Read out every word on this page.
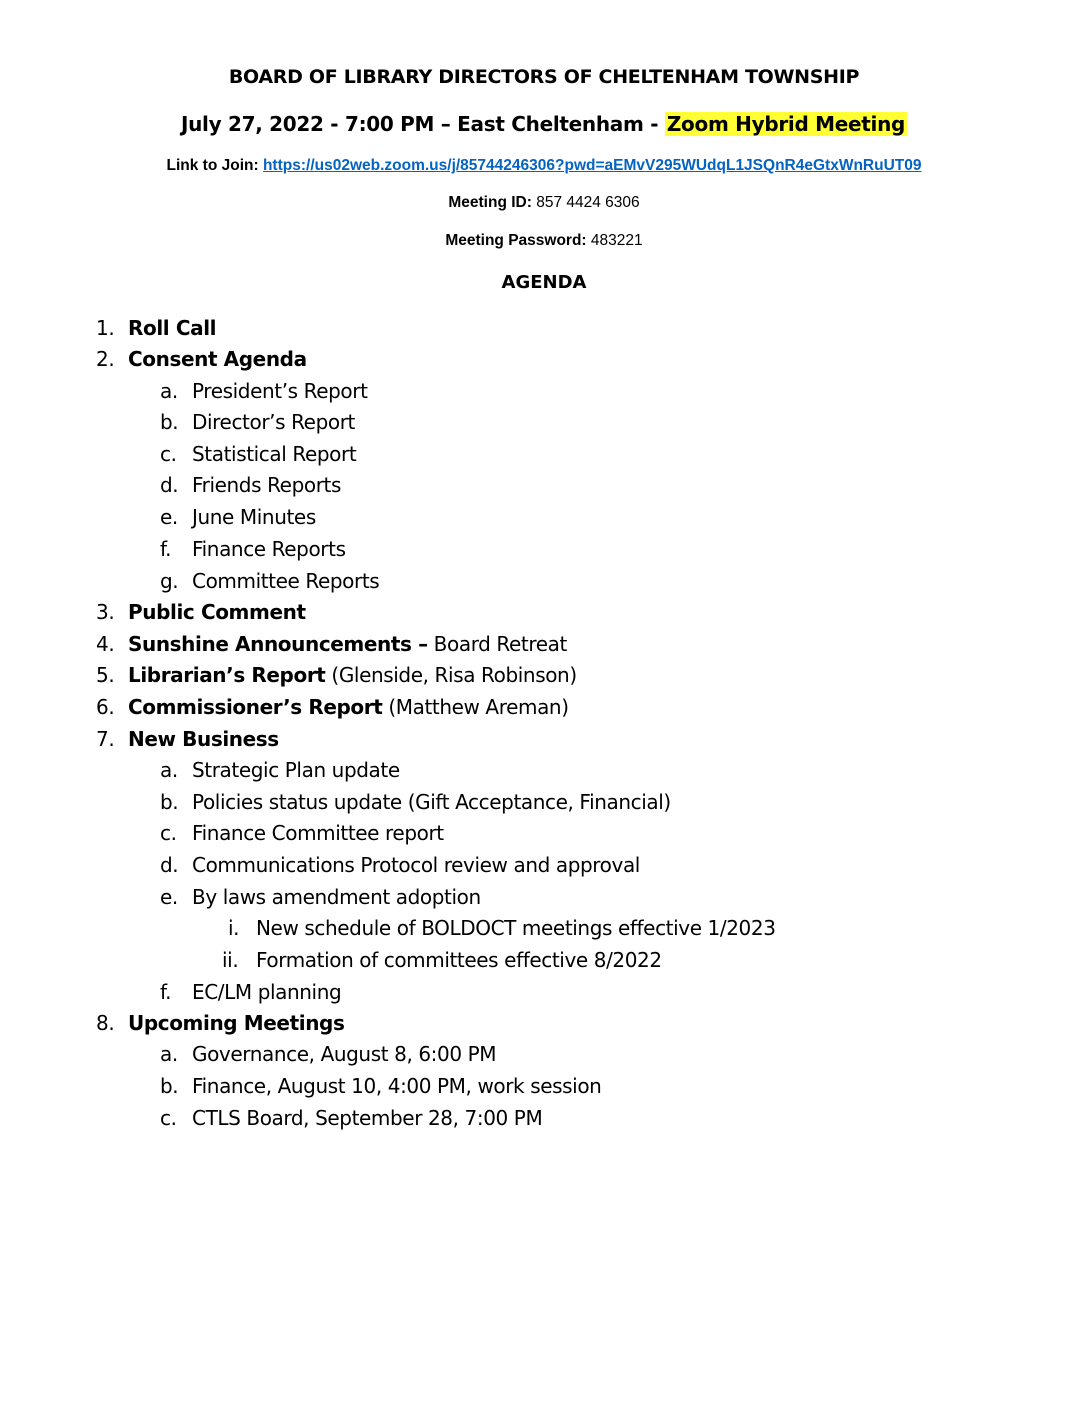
BOARD OF LIBRARY DIRECTORS OF CHELTENHAM TOWNSHIP
July 27, 2022 - 7:00 PM – East Cheltenham - Zoom Hybrid Meeting
Link to Join: https://us02web.zoom.us/j/85744246306?pwd=aEMvV295WUdqL1JSQnR4eGtxWnRuUT09
Meeting ID: 857 4424 6306
Meeting Password: 483221
AGENDA
1. Roll Call
2. Consent Agenda
a. President’s Report
b. Director’s Report
c. Statistical Report
d. Friends Reports
e. June Minutes
f. Finance Reports
g. Committee Reports
3. Public Comment
4. Sunshine Announcements – Board Retreat
5. Librarian’s Report (Glenside, Risa Robinson)
6. Commissioner’s Report (Matthew Areman)
7. New Business
a. Strategic Plan update
b. Policies status update (Gift Acceptance, Financial)
c. Finance Committee report
d. Communications Protocol review and approval
e. By laws amendment adoption
i. New schedule of BOLDOCT meetings effective 1/2023
ii. Formation of committees effective 8/2022
f. EC/LM planning
8. Upcoming Meetings
a. Governance, August 8, 6:00 PM
b. Finance, August 10, 4:00 PM, work session
c. CTLS Board, September 28, 7:00 PM
